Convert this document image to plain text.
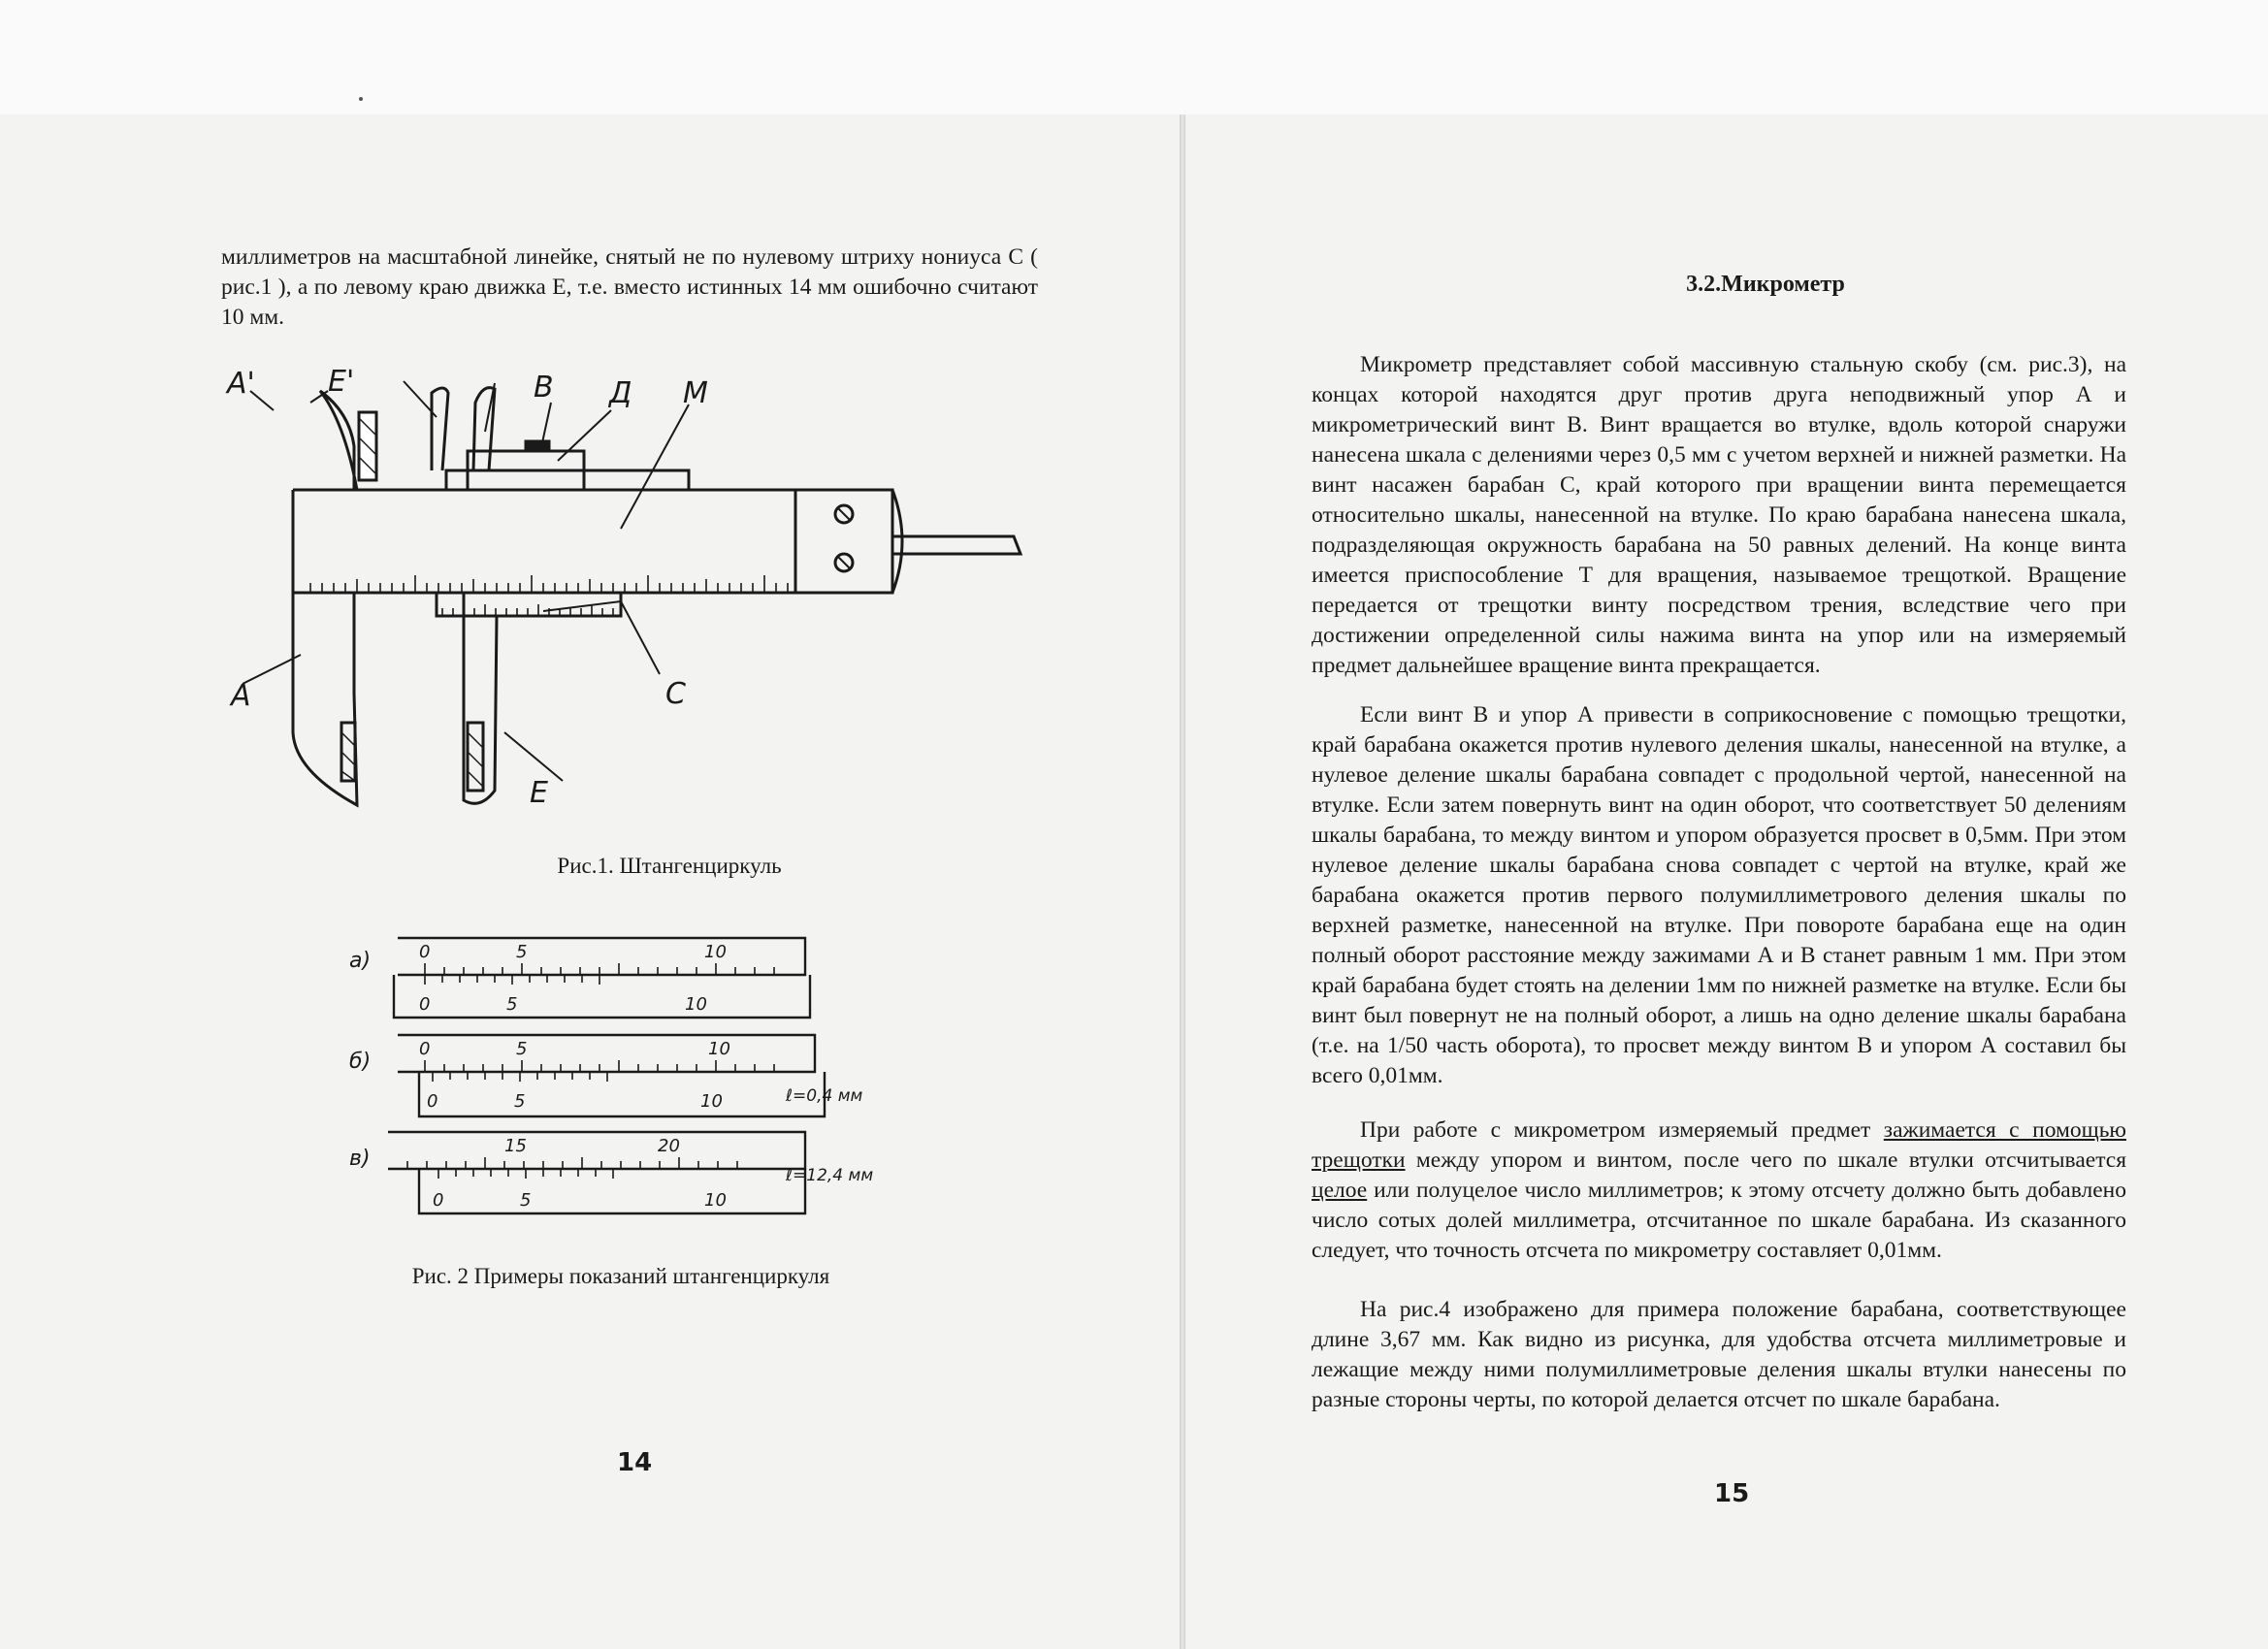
миллиметров на масштабной линейке, снятый не по нулевому штриху нониуса С ( рис.1 ), а по левому краю движка Е, т.е. вместо истинных 14 мм ошибочно считают 10 мм.

A'	E'	B Д M
A	C
E
Рис.1. Штангенциркуль
а)
б)
в)
0	5	10
0	5	10
0	5	10
0	5	10	ℓ=0,4 мм
15	20
0	5	10
ℓ=12,4 мм
Рис. 2 Примеры показаний штангенциркуля
14
3.2.Микрометр

Микрометр представляет собой массивную стальную скобу (см. рис.3), на концах которой находятся друг против друга неподвижный упор А и микрометрический винт В. Винт вращается во втулке, вдоль которой снаружи нанесена шкала с делениями через 0,5 мм с учетом верхней и нижней разметки. На винт насажен барабан С, край которого при вращении винта перемещается относительно шкалы, нанесенной на втулке. По краю барабана нанесена шкала, подразделяющая окружность барабана на 50 равных делений. На конце винта имеется приспособление Т для вращения, называемое трещоткой. Вращение передается от трещотки винту посредством трения, вследствие чего при достижении определенной силы нажима винта на упор или на измеряемый предмет дальнейшее вращение винта прекращается.

Если винт В и упор А привести в соприкосновение с помощью трещотки, край барабана окажется против нулевого деления шкалы, нанесенной на втулке, а нулевое деление шкалы барабана совпадет с продольной чертой, нанесенной на втулке. Если затем повернуть винт на один оборот, что соответствует 50 делениям шкалы барабана, то между винтом и упором образуется просвет в 0,5мм. При этом нулевое деление шкалы барабана снова совпадет с чертой на втулке, край же барабана окажется против первого полумиллиметрового деления шкалы по верхней разметке, нанесенной на втулке. При повороте барабана еще на один полный оборот расстояние между зажимами А и В станет равным 1 мм. При этом край барабана будет стоять на делении 1мм по нижней разметке на втулке. Если бы винт был повернут не на полный оборот, а лишь на одно деление шкалы барабана (т.е. на 1/50 часть оборота), то просвет между винтом В и упором А составил бы всего 0,01мм.

При работе с микрометром измеряемый предмет зажимается с помощью трещотки между упором и винтом, после чего по шкале втулки отсчитывается целое или полуцелое число миллиметров; к этому отсчету должно быть добавлено число сотых долей миллиметра, отсчитанное по шкале барабана. Из сказанного следует, что точность отсчета по микрометру составляет 0,01мм.

На рис.4 изображено для примера положение барабана, соответствующее длине 3,67 мм. Как видно из рисунка, для удобства отсчета миллиметровые и лежащие между ними полумиллиметровые деления шкалы втулки нанесены по разные стороны черты, по которой делается отсчет по шкале барабана.

15
